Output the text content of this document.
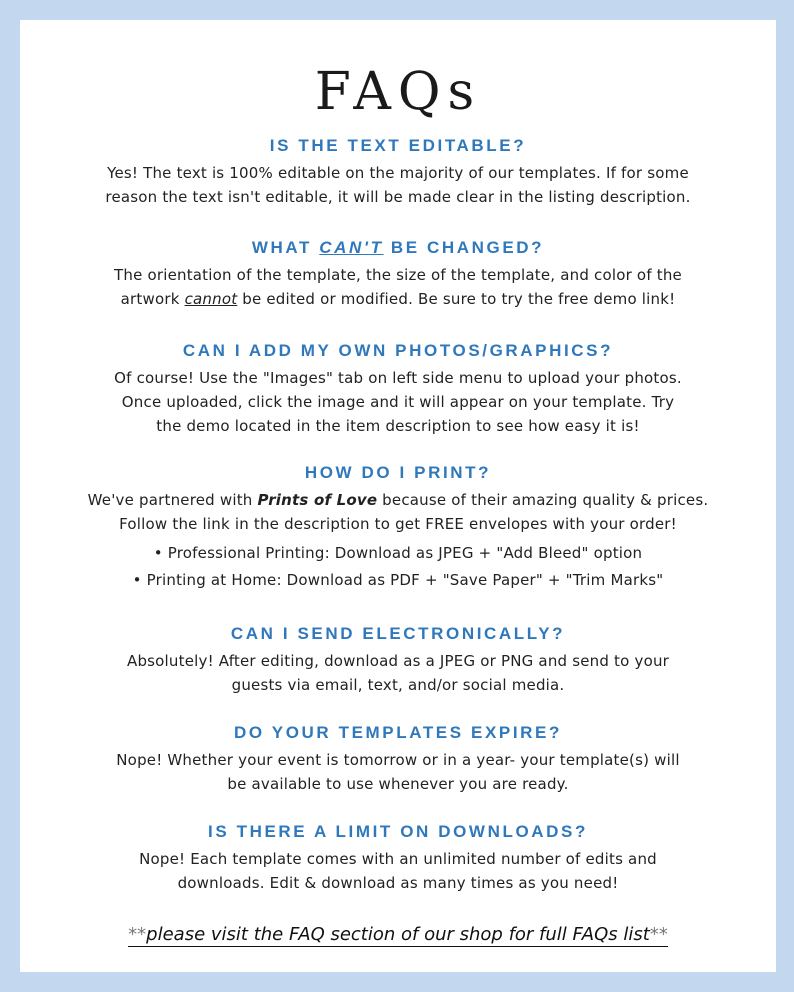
FAQs

IS THE TEXT EDITABLE?

Yes! The text is 100% editable on the majority of our templates. If for some
reason the text isn't editable, it will be made clear in the listing description.

WHAT CAN'T BE CHANGED?

The orientation of the template, the size of the template, and color of the
artwork cannot be edited or modified. Be sure to try the free demo link!

CAN I ADD MY OWN PHOTOS/GRAPHICS?

Of course! Use the "Images" tab on left side menu to upload your photos.
Once uploaded, click the image and it will appear on your template. Try
the demo located in the item description to see how easy it is!

HOW DO I PRINT?

We've partnered with Prints of Love because of their amazing quality & prices.
Follow the link in the description to get FREE envelopes with your order!

• Professional Printing: Download as JPEG + "Add Bleed" option
• Printing at Home: Download as PDF + "Save Paper" + "Trim Marks"

CAN I SEND ELECTRONICALLY?

Absolutely! After editing, download as a JPEG or PNG and send to your
guests via email, text, and/or social media.

DO YOUR TEMPLATES EXPIRE?

Nope! Whether your event is tomorrow or in a year- your template(s) will
be available to use whenever you are ready.

IS THERE A LIMIT ON DOWNLOADS?

Nope! Each template comes with an unlimited number of edits and
downloads. Edit & download as many times as you need!

**please visit the FAQ section of our shop for full FAQs list**
